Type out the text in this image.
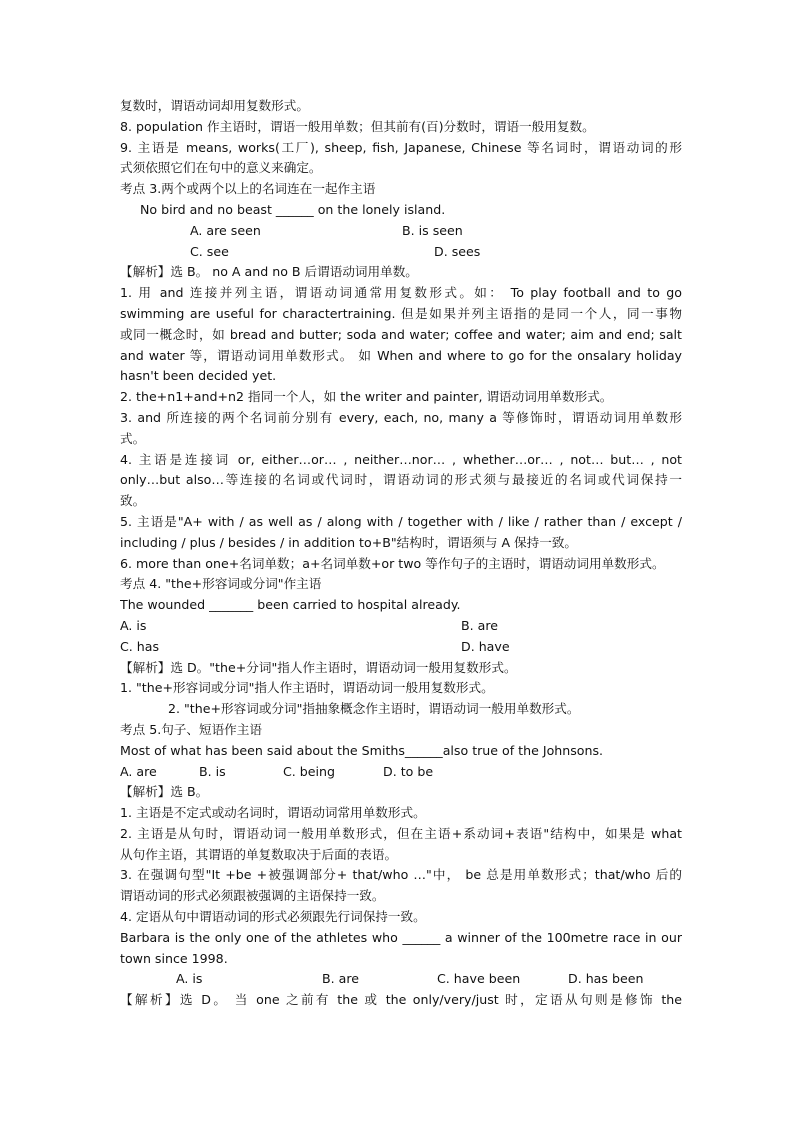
复数时，谓语动词却用复数形式。
8. population 作主语时，谓语一般用单数；但其前有(百)分数时，谓语一般用复数。
9. 主语是 means, works(工厂), sheep, fish, Japanese, Chinese 等名词时，谓语动词的形
式须依照它们在句中的意义来确定。
考点 3.两个或两个以上的名词连在一起作主语
No bird and no beast ______ on the lonely island.
A. are seen	B. is seen
C. see	D. sees
【解析】选 B。 no A and no B 后谓语动词用单数。
1. 用 and 连接并列主语，谓语动词通常用复数形式。如： To play football and to go
swimming are useful for charactertraining. 但是如果并列主语指的是同一个人，同一事物
或同一概念时，如 bread and butter; soda and water; coffee and water; aim and end; salt
and water 等，谓语动词用单数形式。 如 When and where to go for the onsalary holiday
hasn't been decided yet.
2. the+n1+and+n2 指同一个人，如 the writer and painter, 谓语动词用单数形式。
3. and 所连接的两个名词前分别有 every, each, no, many a 等修饰时，谓语动词用单数形
式。
4. 主语是连接词 or, either…or… , neither…nor… , whether…or… , not… but… , not
only…but also…等连接的名词或代词时，谓语动词的形式须与最接近的名词或代词保持一
致。
5. 主语是"A+ with / as well as / along with / together with / like / rather than / except /
including / plus / besides / in addition to+B"结构时，谓语须与 A 保持一致。
6. more than one+名词单数；a+名词单数+or two 等作句子的主语时，谓语动词用单数形式。
考点 4. "the+形容词或分词"作主语
The wounded _______ been carried to hospital already.
A. is	B. are
C. has	D. have
【解析】选 D。"the+分词"指人作主语时，谓语动词一般用复数形式。
1. "the+形容词或分词"指人作主语时，谓语动词一般用复数形式。
2. "the+形容词或分词"指抽象概念作主语时，谓语动词一般用单数形式。
考点 5.句子、短语作主语
Most of what has been said about the Smiths______also true of the Johnsons.
A. are	B. is	C. being	D. to be
【解析】选 B。
1. 主语是不定式或动名词时，谓语动词常用单数形式。
2. 主语是从句时，谓语动词一般用单数形式，但在主语+系动词+表语"结构中，如果是 what
从句作主语，其谓语的单复数取决于后面的表语。
3. 在强调句型"It +be +被强调部分+ that/who …"中， be 总是用单数形式；that/who 后的
谓语动词的形式必须跟被强调的主语保持一致。
4. 定语从句中谓语动词的形式必须跟先行词保持一致。
Barbara is the only one of the athletes who ______ a winner of the 100metre race in our
town since 1998.
A. is	B. are	C. have been	D. has been
【解析】选 D。 当 one 之前有 the 或 the only/very/just 时，定语从句则是修饰 the
